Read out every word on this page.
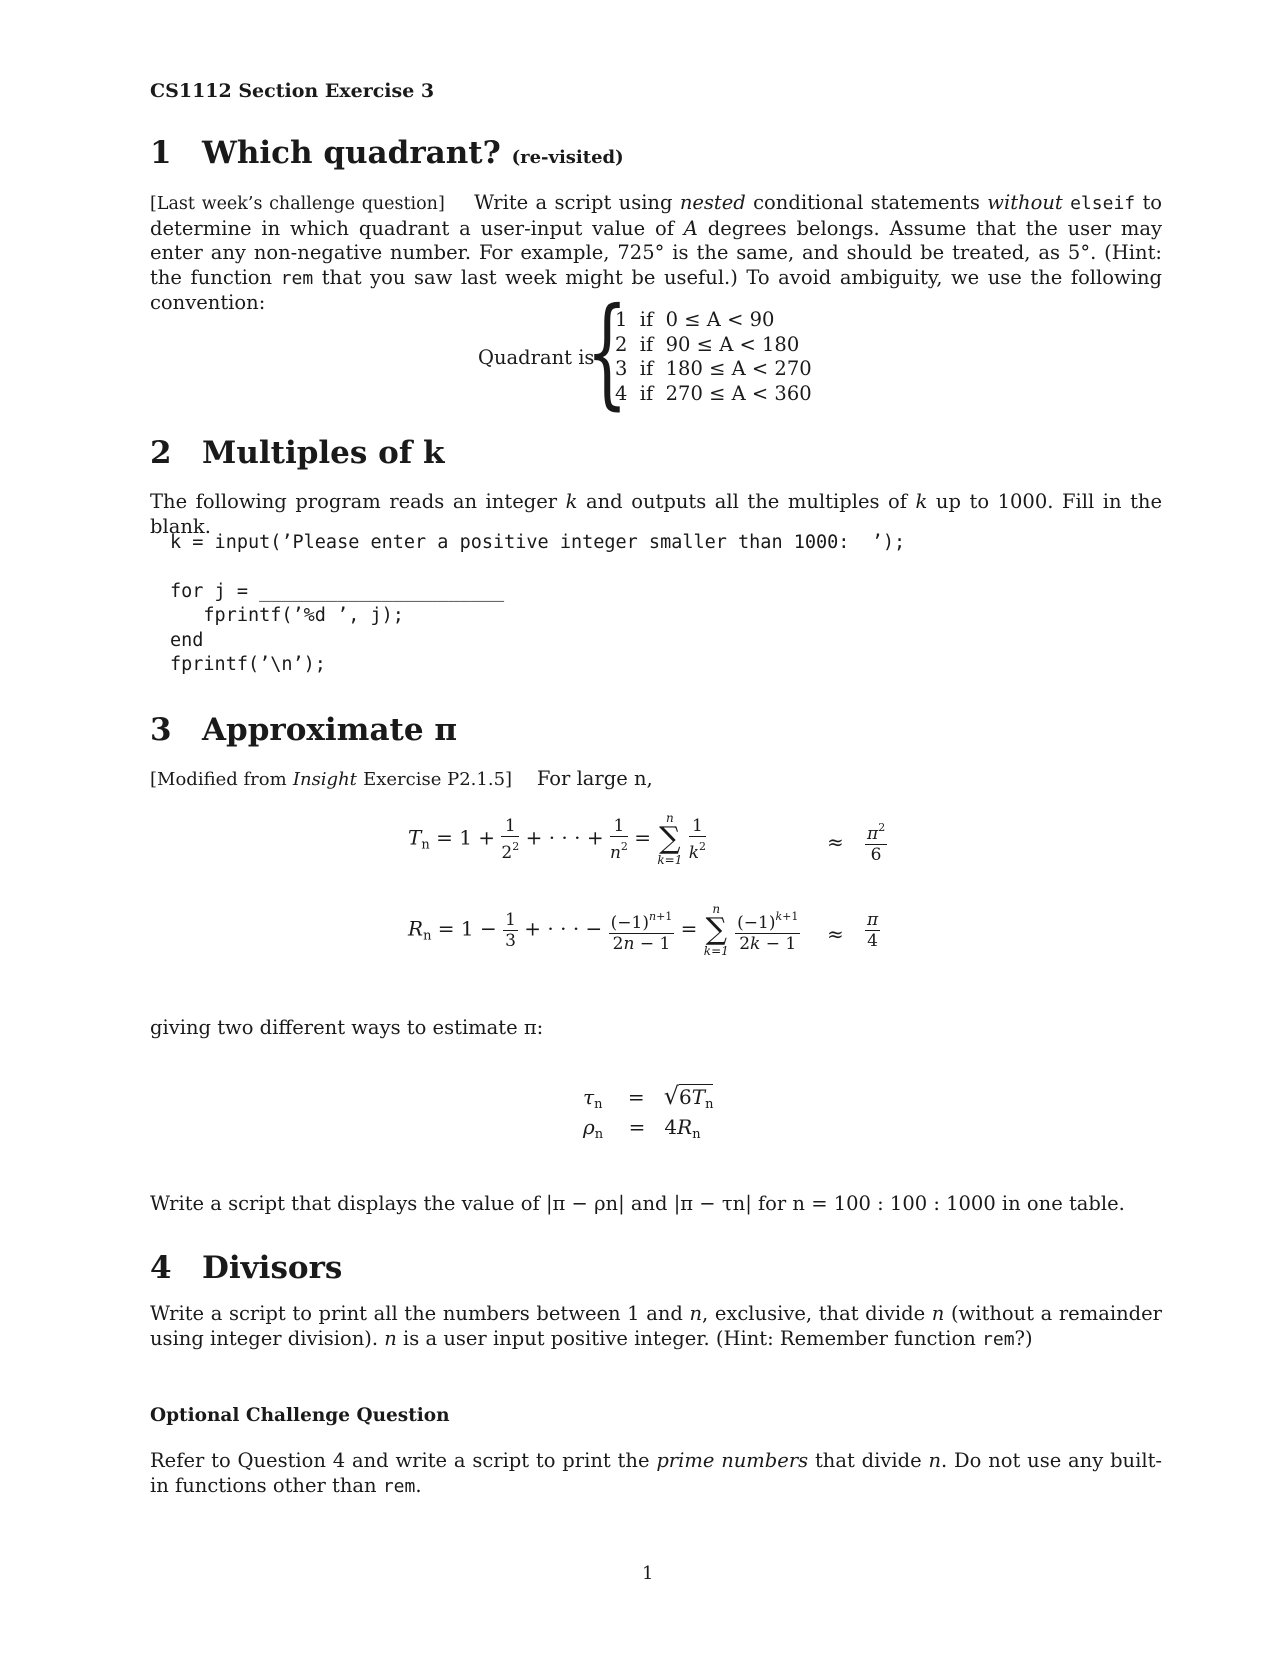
CS1112 Section Exercise 3
1 Which quadrant? (re-visited)
[Last week’s challenge question] Write a script using nested conditional statements without elseif to determine in which quadrant a user-input value of A degrees belongs. Assume that the user may enter any non-negative number. For example, 725° is the same, and should be treated, as 5°. (Hint: the function rem that you saw last week might be useful.) To avoid ambiguity, we use the following convention:
Quadrant is
{
1  if  0 ≤ A < 90
2  if  90 ≤ A < 180
3  if  180 ≤ A < 270
4  if  270 ≤ A < 360
2 Multiples of k
The following program reads an integer k and outputs all the multiples of k up to 1000. Fill in the blank.
k = input(’Please enter a positive integer smaller than 1000:  ’);
for j = ______________________
fprintf(’%d ’, j);
end
fprintf(’\n’);
3 Approximate π
[Modified from Insight Exercise P2.1.5] For large n,
$T_n = 1 + \frac{1}{2^2}$ + · · · + $\frac{1}{n^2}$ =
n
∑
k=1
$\frac{1}{k^2}$	≈ $\frac{\pi^2}{6}$
$R_n = 1 - \frac{1}{3}$ + · · · − $\frac{(-1)^{n+1}}{2n - 1}$ =
n
∑
k=1
$\frac{(-1)^{k+1}}{2k - 1} \approx \frac{\pi}{4}$
giving two different ways to estimate π:
$\tau_n$    =   $√6T_n$
$\rho_n$    =   $4R_n$
Write a script that displays the value of |π − ρn| and |π − τn| for n = 100 : 100 : 1000 in one table.
4 Divisors
Write a script to print all the numbers between 1 and n, exclusive, that divide n (without a remainder using integer division). n is a user input positive integer. (Hint: Remember function rem?)
Optional Challenge Question
Refer to Question 4 and write a script to print the prime numbers that divide n. Do not use any built-in functions other than rem.
1
